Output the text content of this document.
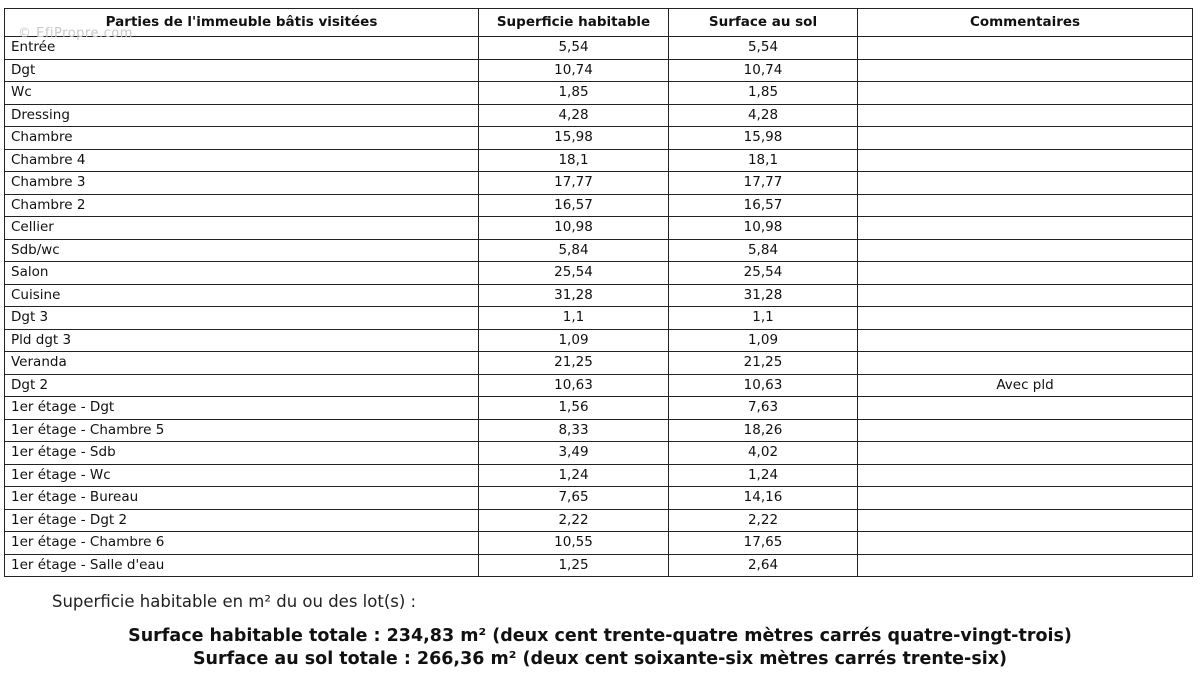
Parties de l'immeuble bâtis visitées	Superficie habitable	Surface au sol	Commentaires
Entrée	5,54	5,54	
Dgt	10,74	10,74	
Wc	1,85	1,85	
Dressing	4,28	4,28	
Chambre	15,98	15,98	
Chambre 4	18,1	18,1	
Chambre 3	17,77	17,77	
Chambre 2	16,57	16,57	
Cellier	10,98	10,98	
Sdb/wc	5,84	5,84	
Salon	25,54	25,54	
Cuisine	31,28	31,28	
Dgt 3	1,1	1,1	
Pld dgt 3	1,09	1,09	
Veranda	21,25	21,25	
Dgt 2	10,63	10,63	Avec pld
1er étage - Dgt	1,56	7,63	
1er étage - Chambre 5	8,33	18,26	
1er étage - Sdb	3,49	4,02	
1er étage - Wc	1,24	1,24	
1er étage - Bureau	7,65	14,16	
1er étage - Dgt 2	2,22	2,22	
1er étage - Chambre 6	10,55	17,65	
1er étage - Salle d'eau	1,25	2,64	
© EfiPropre.com
Superficie habitable en m² du ou des lot(s) :
Surface habitable totale : 234,83 m² (deux cent trente-quatre mètres carrés quatre-vingt-trois)
Surface au sol totale : 266,36 m² (deux cent soixante-six mètres carrés trente-six)
